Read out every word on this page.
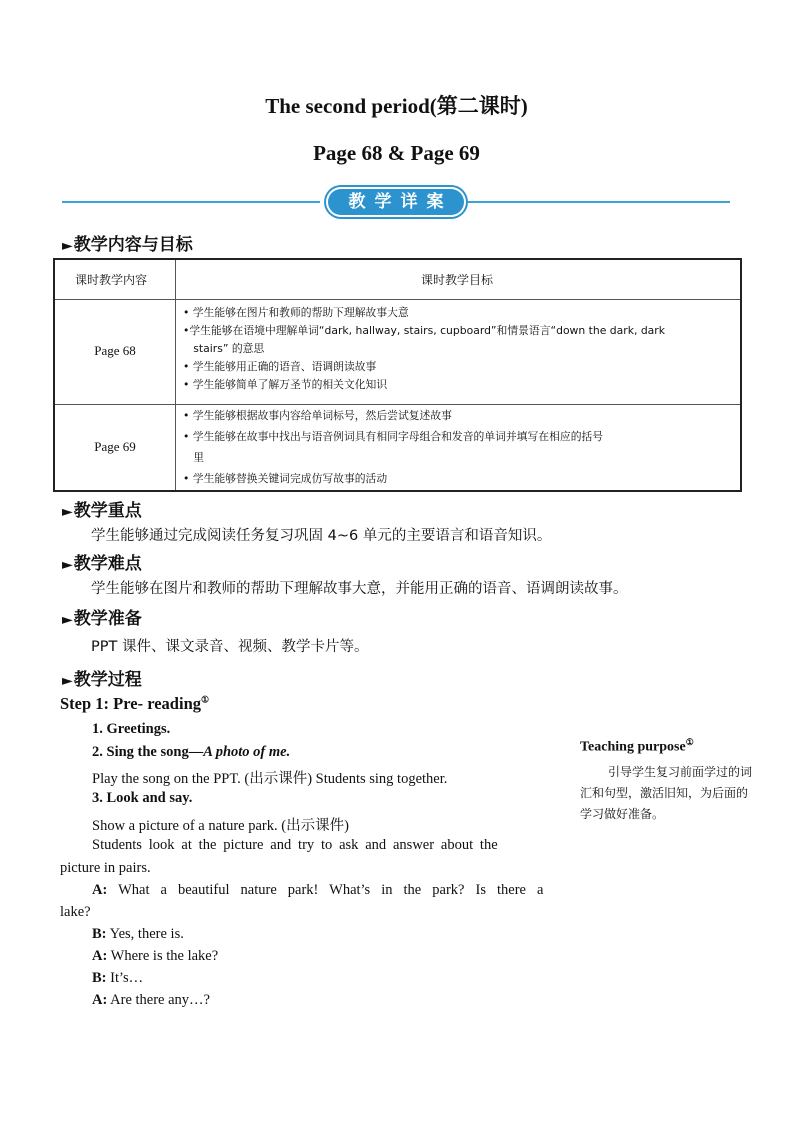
The second period(第二课时)
Page 68 & Page 69
教 学 详 案
►教学内容与目标
课时教学内容	课时教学目标
Page 68
• 学生能够在图片和教师的帮助下理解故事大意
•学生能够在语境中理解单词“dark, hallway, stairs, cupboard”和情景语言“down the dark, dark
stairs” 的意思
• 学生能够用正确的语音、语调朗读故事
• 学生能够简单了解万圣节的相关文化知识
Page 69
• 学生能够根据故事内容给单词标号，然后尝试复述故事
• 学生能够在故事中找出与语音例词具有相同字母组合和发音的单词并填写在相应的括号
里
• 学生能够替换关键词完成仿写故事的活动
►教学重点
学生能够通过完成阅读任务复习巩固 4~6 单元的主要语言和语音知识。
►教学难点
学生能够在图片和教师的帮助下理解故事大意，并能用正确的语音、语调朗读故事。
►教学准备
PPT 课件、课文录音、视频、教学卡片等。
►教学过程
Step 1: Pre- reading①
1. Greetings.
2. Sing the song—A photo of me.
Play the song on the PPT. (出示课件) Students sing together.
3. Look and say.
Show a picture of a nature park. (出示课件)
Students look at the picture and try to ask and answer about the
picture in pairs.
A: What a beautiful nature park! What’s in the park? Is there a
lake?
B: Yes, there is.
A: Where is the lake?
B: It’s…
A: Are there any…?
Teaching purpose①
引导学生复习前面学过的词汇和句型，激活旧知，为后面的学习做好准备。
